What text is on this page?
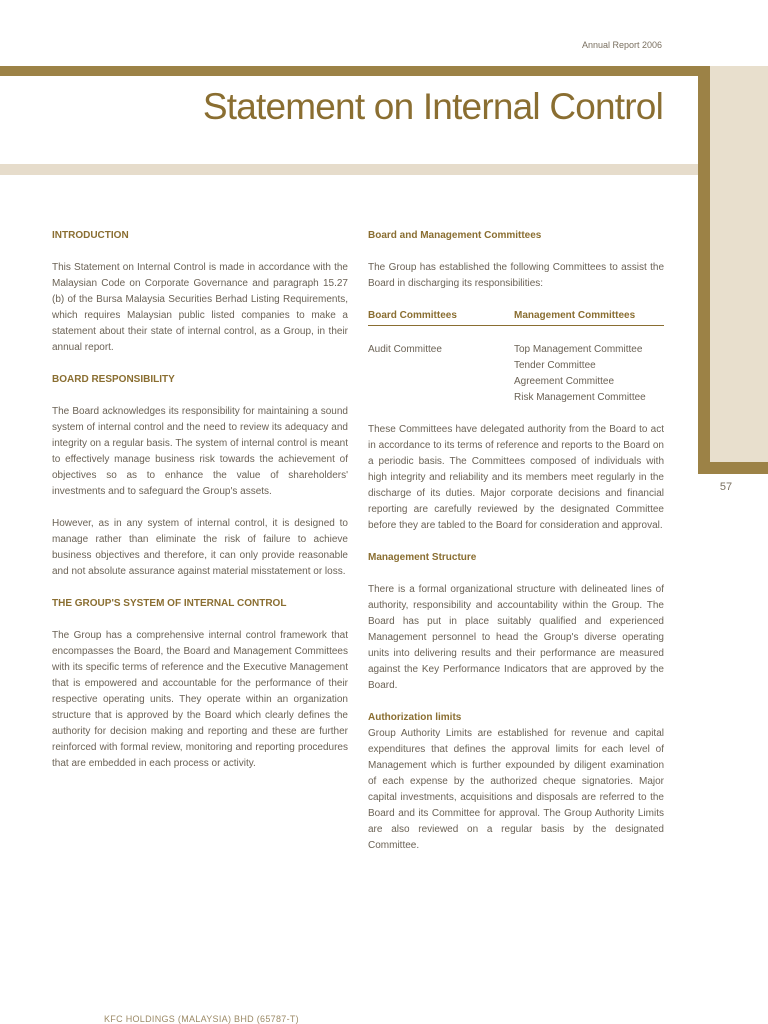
Annual Report 2006
Statement on Internal Control
57
KFC HOLDINGS (MALAYSIA) BHD (65787-T)
INTRODUCTION
This Statement on Internal Control is made in accordance with the Malaysian Code on Corporate Governance and paragraph 15.27 (b) of the Bursa Malaysia Securities Berhad Listing Requirements, which requires Malaysian public listed companies to make a statement about their state of internal control, as a Group, in their annual report.
BOARD RESPONSIBILITY
The Board acknowledges its responsibility for maintaining a sound system of internal control and the need to review its adequacy and integrity on a regular basis. The system of internal control is meant to effectively manage business risk towards the achievement of objectives so as to enhance the value of shareholders' investments and to safeguard the Group's assets.
However, as in any system of internal control, it is designed to manage rather than eliminate the risk of failure to achieve business objectives and therefore, it can only provide reasonable and not absolute assurance against material misstatement or loss.
THE GROUP'S SYSTEM OF INTERNAL CONTROL
The Group has a comprehensive internal control framework that encompasses the Board, the Board and Management Committees with its specific terms of reference and the Executive Management that is empowered and accountable for the performance of their respective operating units. They operate within an organization structure that is approved by the Board which clearly defines the authority for decision making and reporting and these are further reinforced with formal review, monitoring and reporting procedures that are embedded in each process or activity.
Board and Management Committees
The Group has established the following Committees to assist the Board in discharging its responsibilities:
Board Committees	Management Committees
Audit Committee	Top Management Committee
Tender Committee
Agreement Committee
Risk Management Committee
These Committees have delegated authority from the Board to act in accordance to its terms of reference and reports to the Board on a periodic basis. The Committees composed of individuals with high integrity and reliability and its members meet regularly in the discharge of its duties. Major corporate decisions and financial reporting are carefully reviewed by the designated Committee before they are tabled to the Board for consideration and approval.
Management Structure
There is a formal organizational structure with delineated lines of authority, responsibility and accountability within the Group. The Board has put in place suitably qualified and experienced Management personnel to head the Group's diverse operating units into delivering results and their performance are measured against the Key Performance Indicators that are approved by the Board.
Authorization limits
Group Authority Limits are established for revenue and capital expenditures that defines the approval limits for each level of Management which is further expounded by diligent examination of each expense by the authorized cheque signatories. Major capital investments, acquisitions and disposals are referred to the Board and its Committee for approval. The Group Authority Limits are also reviewed on a regular basis by the designated Committee.
